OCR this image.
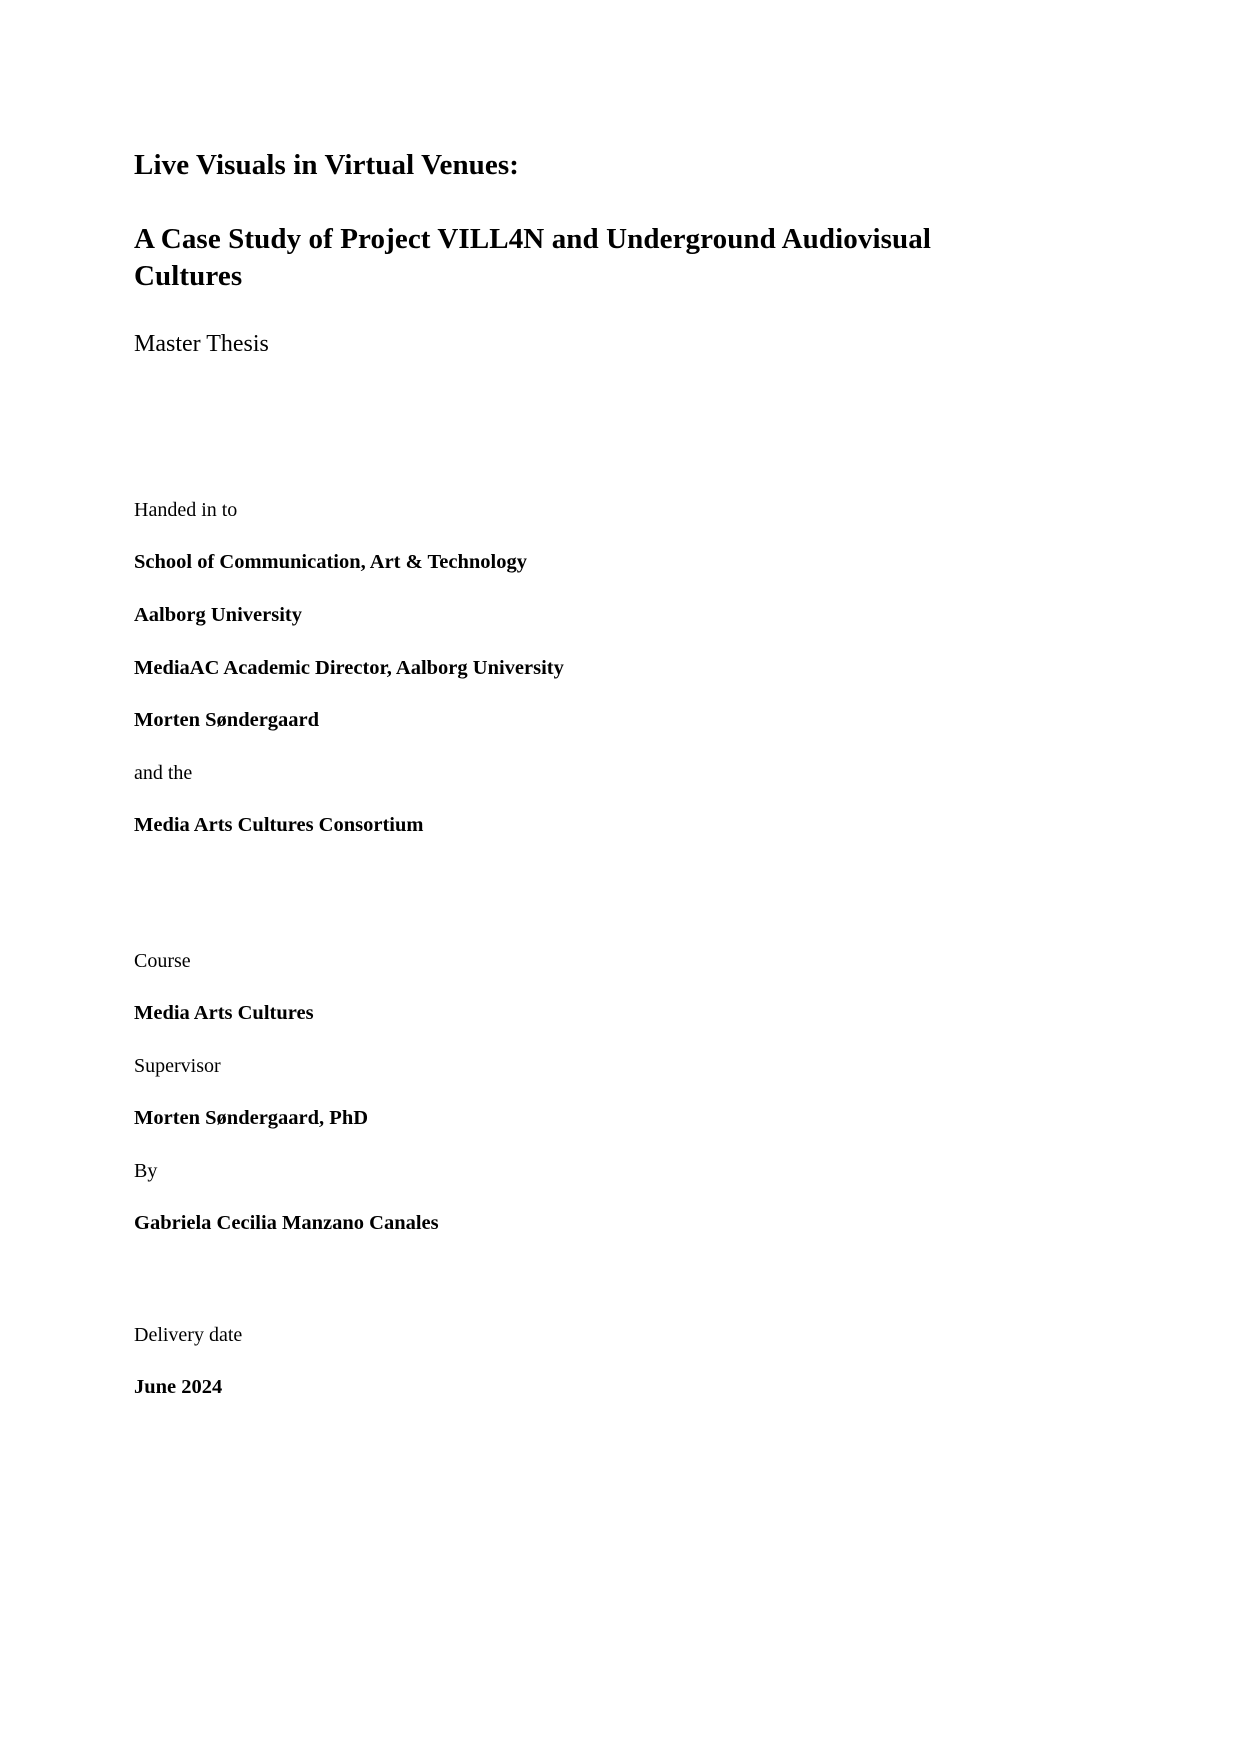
Live Visuals in Virtual Venues:
A Case Study of Project VILL4N and Underground Audiovisual Cultures

Master Thesis

Handed in to

School of Communication, Art & Technology

Aalborg University

MediaAC Academic Director, Aalborg University

Morten Søndergaard

and the

Media Arts Cultures Consortium

Course

Media Arts Cultures

Supervisor

Morten Søndergaard, PhD

By

Gabriela Cecilia Manzano Canales

Delivery date

June 2024
